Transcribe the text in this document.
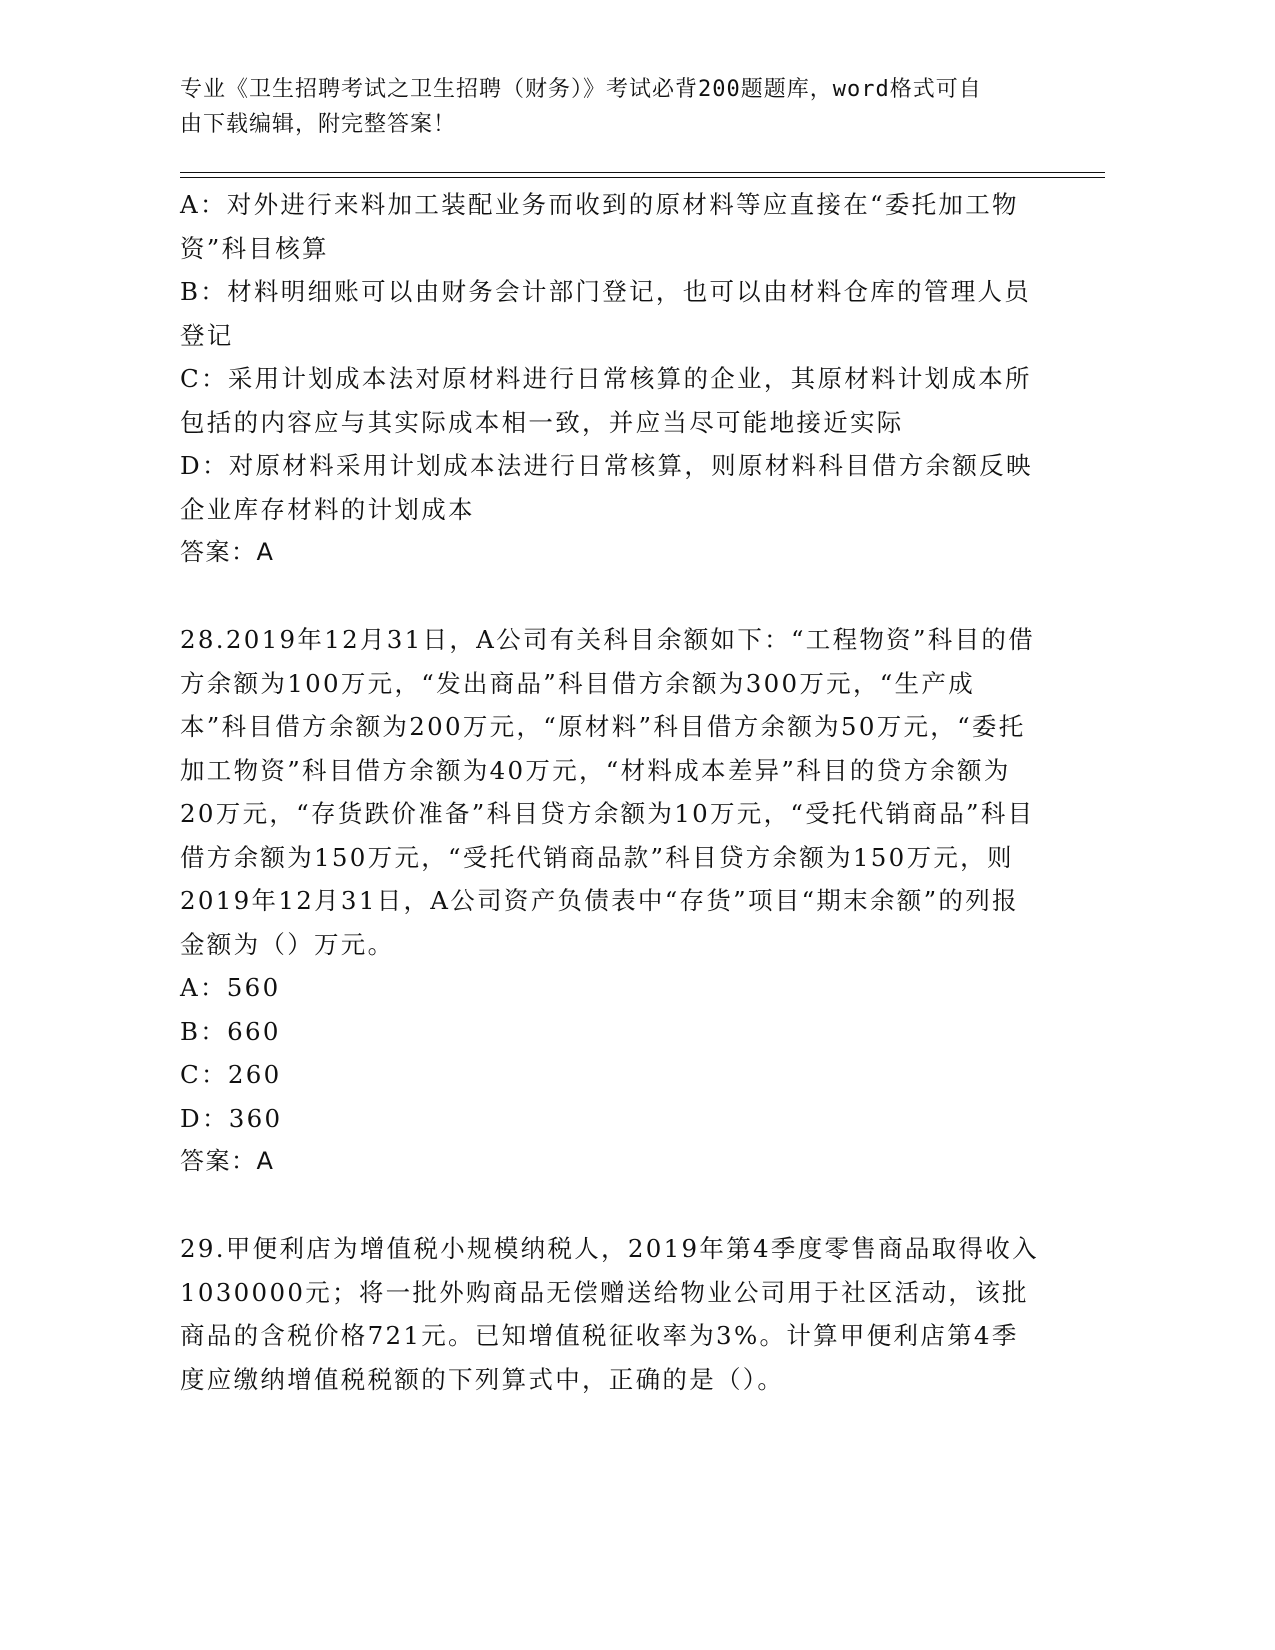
专业《卫生招聘考试之卫生招聘（财务）》考试必背200题题库，word格式可自
由下载编辑，附完整答案！

A：对外进行来料加工装配业务而收到的原材料等应直接在“委托加工物资”科目核算

B：材料明细账可以由财务会计部门登记，也可以由材料仓库的管理人员登记

C：采用计划成本法对原材料进行日常核算的企业，其原材料计划成本所包括的内容应与其实际成本相一致，并应当尽可能地接近实际

D：对原材料采用计划成本法进行日常核算，则原材料科目借方余额反映企业库存材料的计划成本

答案：A

28.2019年12月31日，A公司有关科目余额如下：“工程物资”科目的借方余额为100万元，“发出商品”科目借方余额为300万元，“生产成本”科目借方余额为200万元，“原材料”科目借方余额为50万元，“委托加工物资”科目借方余额为40万元，“材料成本差异”科目的贷方余额为20万元，“存货跌价准备”科目贷方余额为10万元，“受托代销商品”科目借方余额为150万元，“受托代销商品款”科目贷方余额为150万元，则2019年12月31日，A公司资产负债表中“存货”项目“期末余额”的列报金额为（）万元。

A：560

B：660

C：260

D：360

答案：A

29.甲便利店为增值税小规模纳税人，2019年第4季度零售商品取得收入1030000元；将一批外购商品无偿赠送给物业公司用于社区活动，该批商品的含税价格721元。已知增值税征收率为3%。计算甲便利店第4季度应缴纳增值税税额的下列算式中，正确的是（）。
